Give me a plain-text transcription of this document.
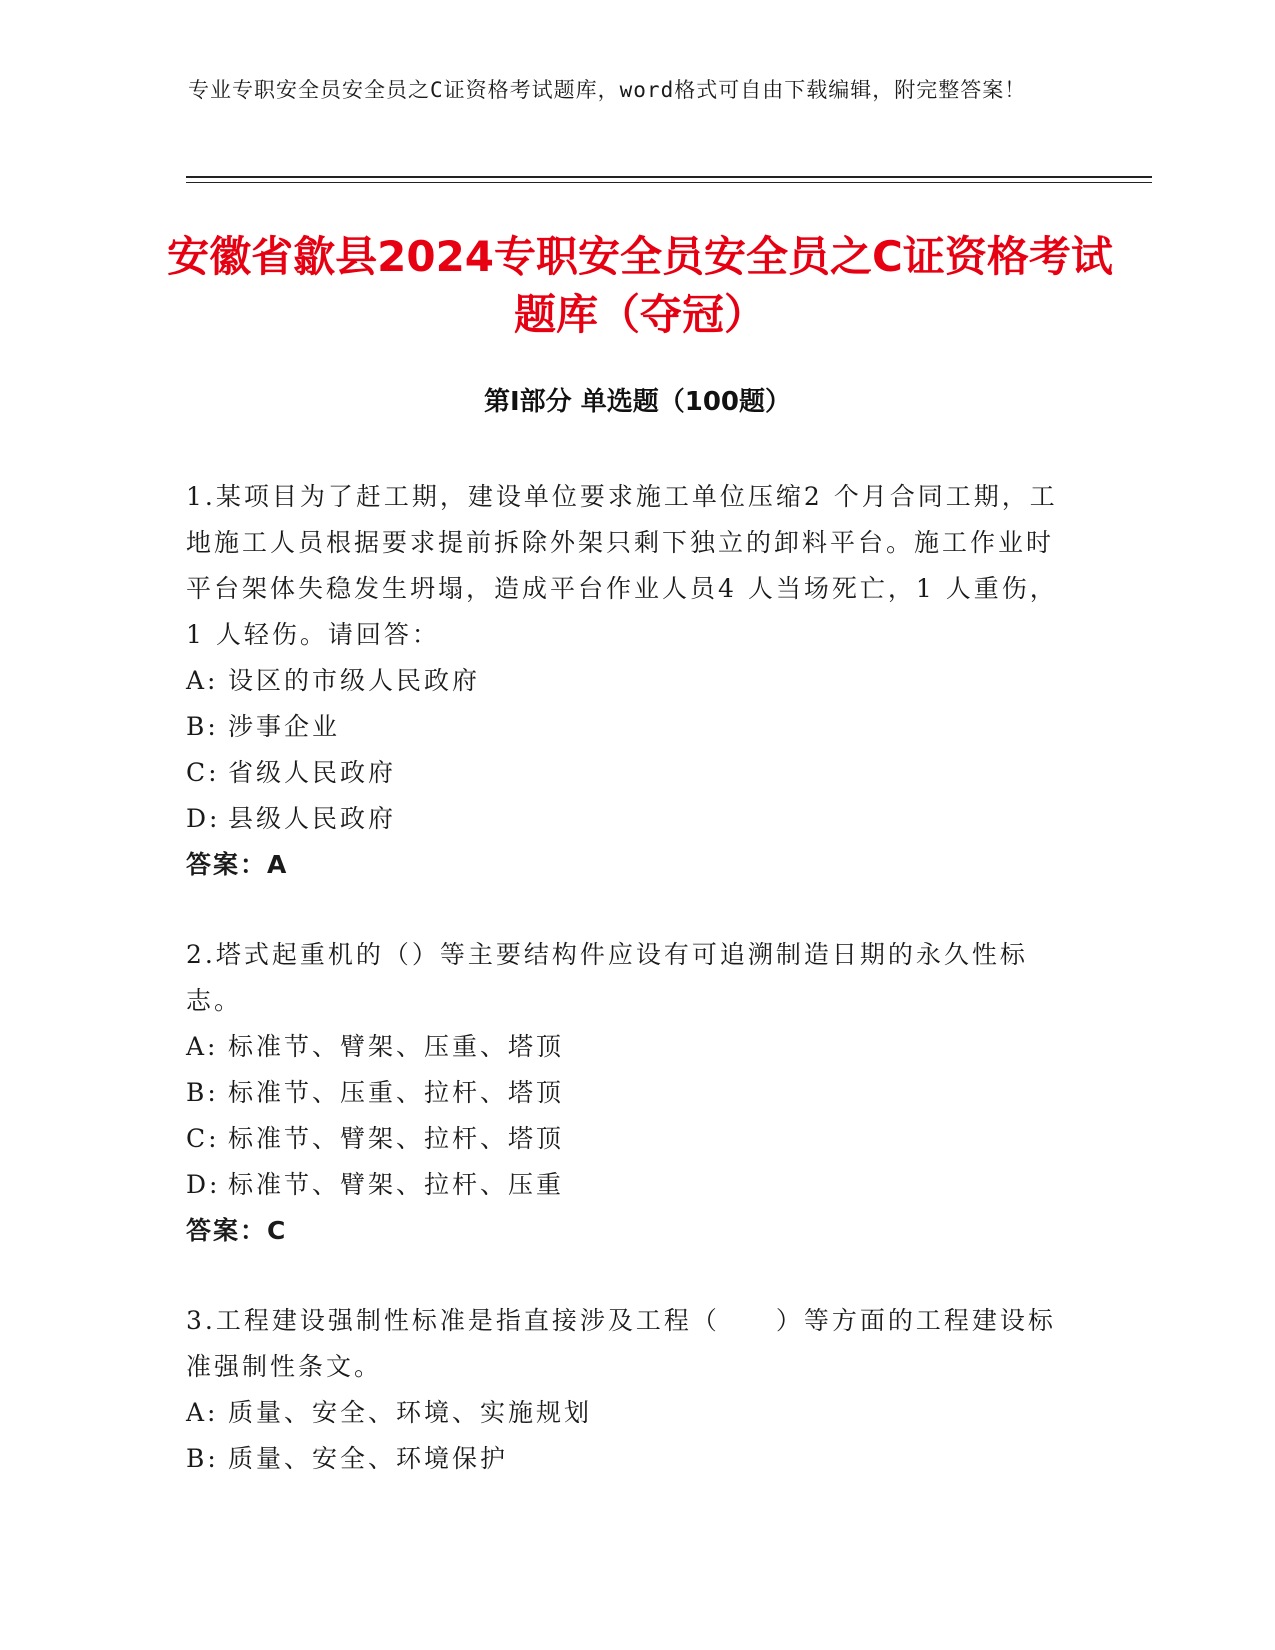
专业专职安全员安全员之C证资格考试题库，word格式可自由下载编辑，附完整答案！
安徽省歙县2024专职安全员安全员之C证资格考试题库（夺冠）
第Ⅰ部分 单选题（100题）

1.某项目为了赶工期，建设单位要求施工单位压缩2 个月合同工期，工地施工人员根据要求提前拆除外架只剩下独立的卸料平台。施工作业时平台架体失稳发生坍塌，造成平台作业人员4 人当场死亡，1 人重伤，1 人轻伤。请回答：

A: 设区的市级人民政府

B: 涉事企业

C: 省级人民政府

D: 县级人民政府

答案：A

2.塔式起重机的（）等主要结构件应设有可追溯制造日期的永久性标志。

A: 标准节、臂架、压重、塔顶

B: 标准节、压重、拉杆、塔顶

C: 标准节、臂架、拉杆、塔顶

D: 标准节、臂架、拉杆、压重

答案：C

3.工程建设强制性标准是指直接涉及工程（　　）等方面的工程建设标准强制性条文。

A: 质量、安全、环境、实施规划

B: 质量、安全、环境保护
